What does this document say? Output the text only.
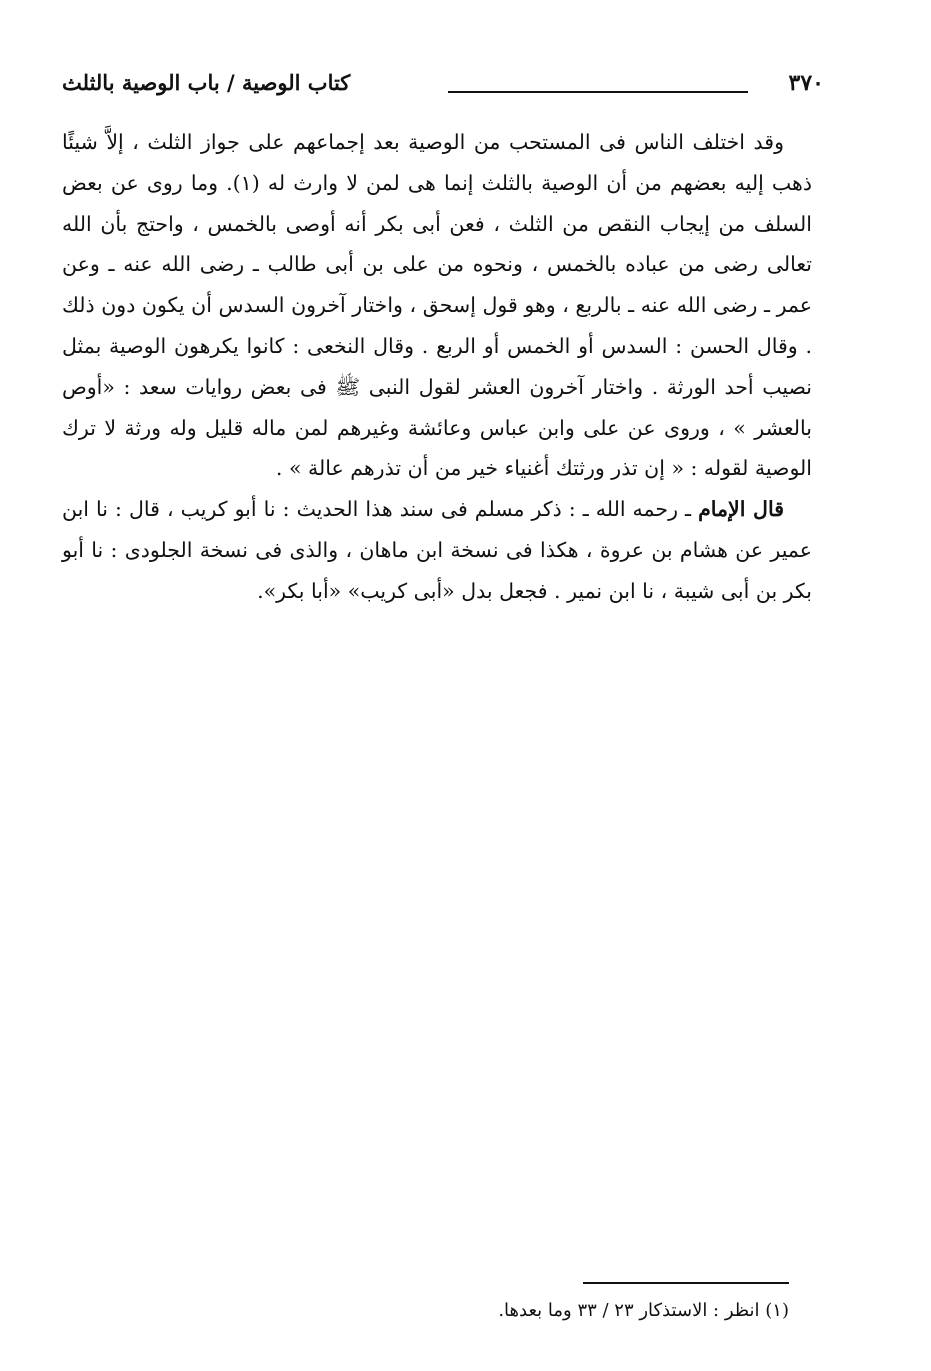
٣٧٠
كتاب الوصية / باب الوصية بالثلث

وقد اختلف الناس فى المستحب من الوصية بعد إجماعهم على جواز الثلث ، إلاَّ شيئًا ذهب إليه بعضهم من أن الوصية بالثلث إنما هى لمن لا وارث له (١). وما روى عن بعض السلف من إيجاب النقص من الثلث ، فعن أبى بكر أنه أوصى بالخمس ، واحتج بأن الله تعالى رضى من عباده بالخمس ، ونحوه من على بن أبى طالب ـ رضى الله عنه ـ وعن عمر ـ رضى الله عنه ـ بالربع ، وهو قول إسحق ، واختار آخرون السدس أن يكون دون ذلك . وقال الحسن : السدس أو الخمس أو الربع . وقال النخعى : كانوا يكرهون الوصية بمثل نصيب أحد الورثة . واختار آخرون العشر لقول النبى ﷺ فى بعض روايات سعد : «أوص بالعشر » ، وروى عن على وابن عباس وعائشة وغيرهم لمن ماله قليل وله ورثة لا ترك الوصية لقوله : « إن تذر ورثتك أغنياء خير من أن تذرهم عالة » .

قال الإمام ـ رحمه الله ـ : ذكر مسلم فى سند هذا الحديث : نا أبو كريب ، قال : نا ابن عمير عن هشام بن عروة ، هكذا فى نسخة ابن ماهان ، والذى فى نسخة الجلودى : نا أبو بكر بن أبى شيبة ، نا ابن نمير . فجعل بدل «أبى كريب» «أبا بكر».

(١) انظر : الاستذكار ٢٣ / ٣٣ وما بعدها.
